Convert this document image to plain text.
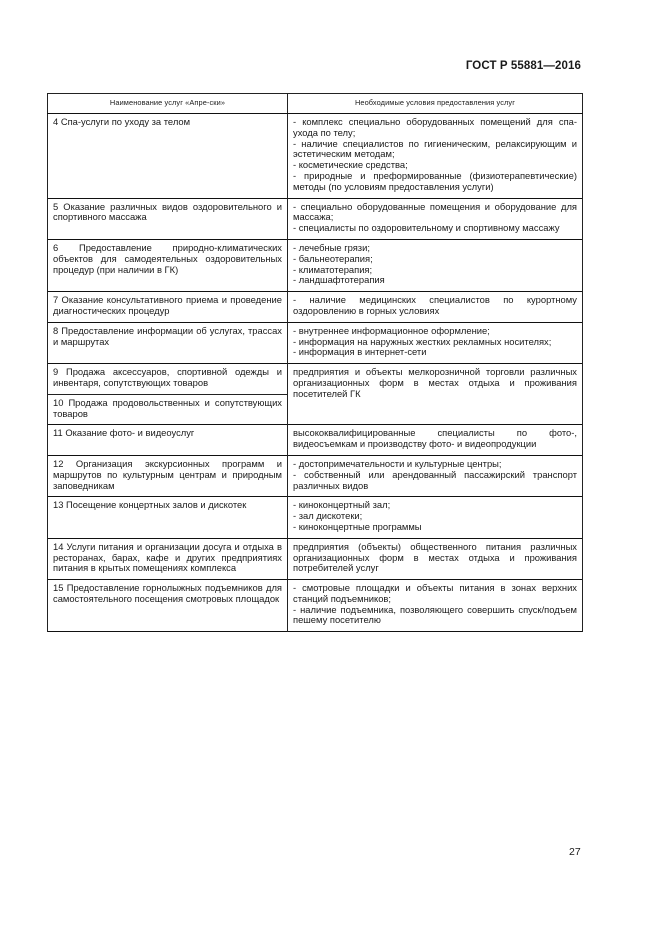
ГОСТ Р 55881—2016
Наименование услуг «Апре-ски»	Необходимые условия предоставления услуг
4 Спа-услуги по уходу за телом	- комплекс специально оборудованных помещений для спа-ухода по телу;
- наличие специалистов по гигиеническим, релаксирующим и эстетическим методам;
- косметические средства;
- природные и преформированные (физиотерапевтические) методы (по условиям предоставления услуги)

5 Оказание различных видов оздоровительного и спортивного массажа	- специально оборудованные помещения и оборудование для массажа;
- специалисты по оздоровительному и спортивному массажу

6 Предоставление природно-климатических объектов для самодеятельных оздоровительных процедур (при наличии в ГК)	- лечебные грязи;
- бальнеотерапия;
- климатотерапия;
- ландшафтотерапия

7 Оказание консультативного приема и проведение диагностических процедур	- наличие медицинских специалистов по курортному оздоровлению в горных условиях

8 Предоставление информации об услугах, трассах и маршрутах	- внутреннее информационное оформление;
- информация на наружных жестких рекламных носителях;
- информация в интернет-сети

9 Продажа аксессуаров, спортивной одежды и инвентаря, сопутствующих товаров	предприятия и объекты мелкорозничной торговли различных организационных форм в местах отдыха и проживания посетителей ГК

10 Продажа продовольственных и сопутствующих товаров	
11 Оказание фото- и видеоуслуг	высококвалифицированные специалисты по фото-, видеосъемкам и производству фото- и видеопродукции

12 Организация экскурсионных программ и маршрутов по культурным центрам и природным заповедникам	- достопримечательности и культурные центры;
- собственный или арендованный пассажирский транспорт различных видов

13 Посещение концертных залов и дискотек	- киноконцертный зал;
- зал дискотеки;
- киноконцертные программы

14 Услуги питания и организации досуга и отдыха в ресторанах, барах, кафе и других предприятиях питания в крытых помещениях комплекса	предприятия (объекты) общественного питания различных организационных форм в местах отдыха и проживания потребителей услуг

15 Предоставление горнолыжных подъемников для самостоятельного посещения смотровых площадок	- смотровые площадки и объекты питания в зонах верхних станций подъемников;
- наличие подъемника, позволяющего совершить спуск/подъем пешему посетителю
27
